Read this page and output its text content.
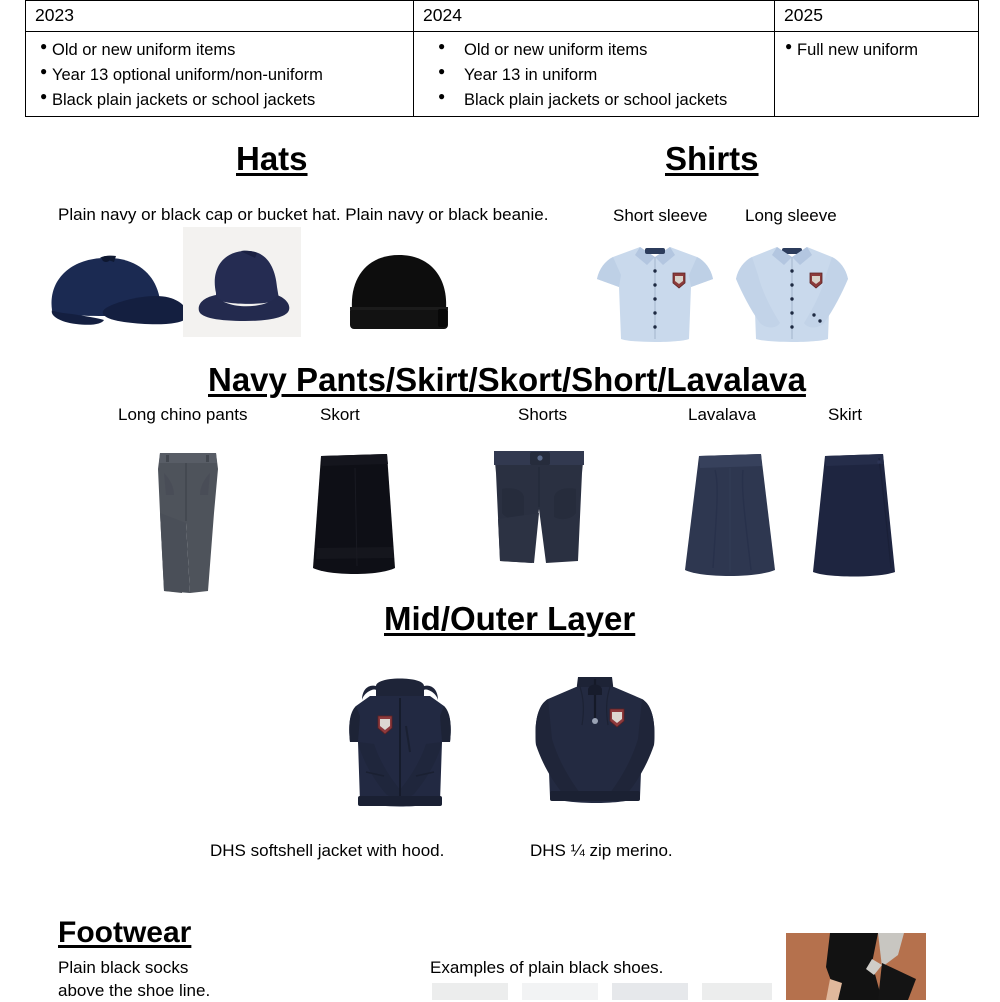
2023	2024	2025

● Old or new uniform items
● Year 13 optional uniform/non-uniform
● Black plain jackets or school jackets

● Old or new uniform items
● Year 13 in uniform
● Black plain jackets or school jackets

● Full new uniform
Hats
Plain navy or black cap or bucket hat. Plain navy or black beanie.
Shirts
Short sleeve Long sleeve
Navy Pants/Skirt/Skort/Short/Lavalava
Long chino pants	Skort	Shorts	Lavalava	Skirt
Mid/Outer Layer
DHS softshell jacket with hood.	DHS ¼ zip merino.
Footwear
Plain black socks
above the shoe line.
Examples of plain black shoes.
